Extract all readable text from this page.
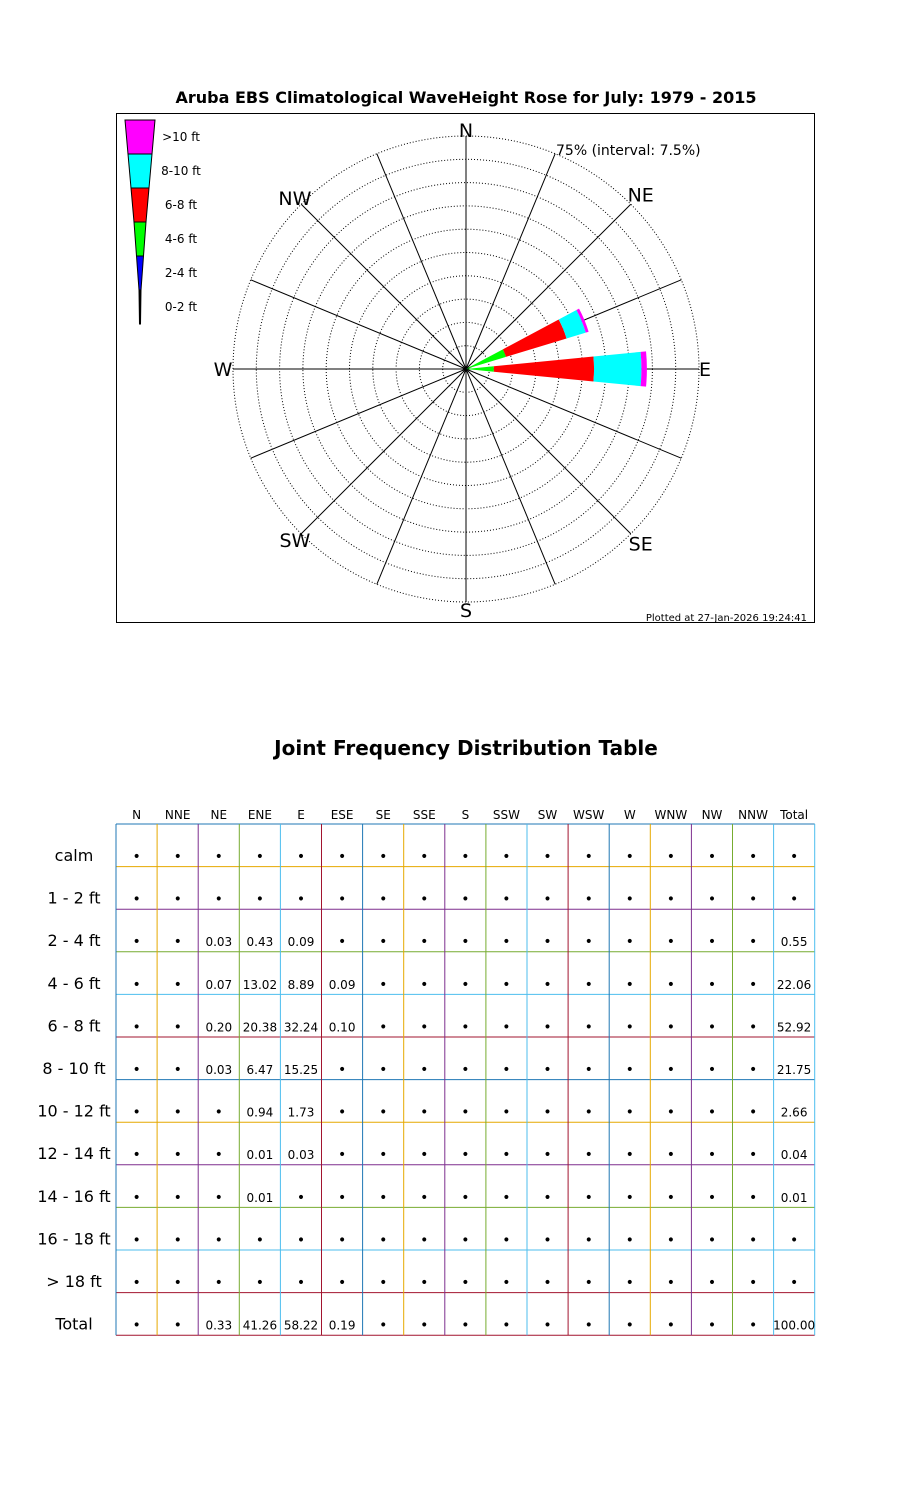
Aruba EBS Climatological WaveHeight Rose for July: 1979 - 2015
N
NE
E
SE
S
SW
W
NW
75% (interval: 7.5%)
>10 ft
8-10 ft
6-8 ft
4-6 ft
2-4 ft
0-2 ft
Plotted at 27-Jan-2026 19:24:41
Joint Frequency Distribution Table
N NNE NE ENE E ESE SE SSE S SSW SW WSW W WNW NW NNW Total
calm
1 - 2 ft
2 - 4 ft
4 - 6 ft
6 - 8 ft
8 - 10 ft
10 - 12 ft
12 - 14 ft
14 - 16 ft
16 - 18 ft
> 18 ft
Total
• • • • • • • • • • • • • • • • •
• • • • • • • • • • • • • • • • •
• • 0.03 0.43 0.09 • • • • • • • • • • • 0.55
• • 0.07 13.02 8.89 0.09 • • • • • • • • • • 22.06
• • 0.20 20.38 32.24 0.10 • • • • • • • • • • 52.92
• • 0.03 6.47 15.25 • • • • • • • • • • • 21.75
• • • 0.94 1.73 • • • • • • • • • • • 2.66
• • • 0.01 0.03 • • • • • • • • • • • 0.04
• • • 0.01 • • • • • • • • • • • • 0.01
• • • • • • • • • • • • • • • • •
• • • • • • • • • • • • • • • • •
• • 0.33 41.26 58.22 0.19 • • • • • • • • • • 100.00
